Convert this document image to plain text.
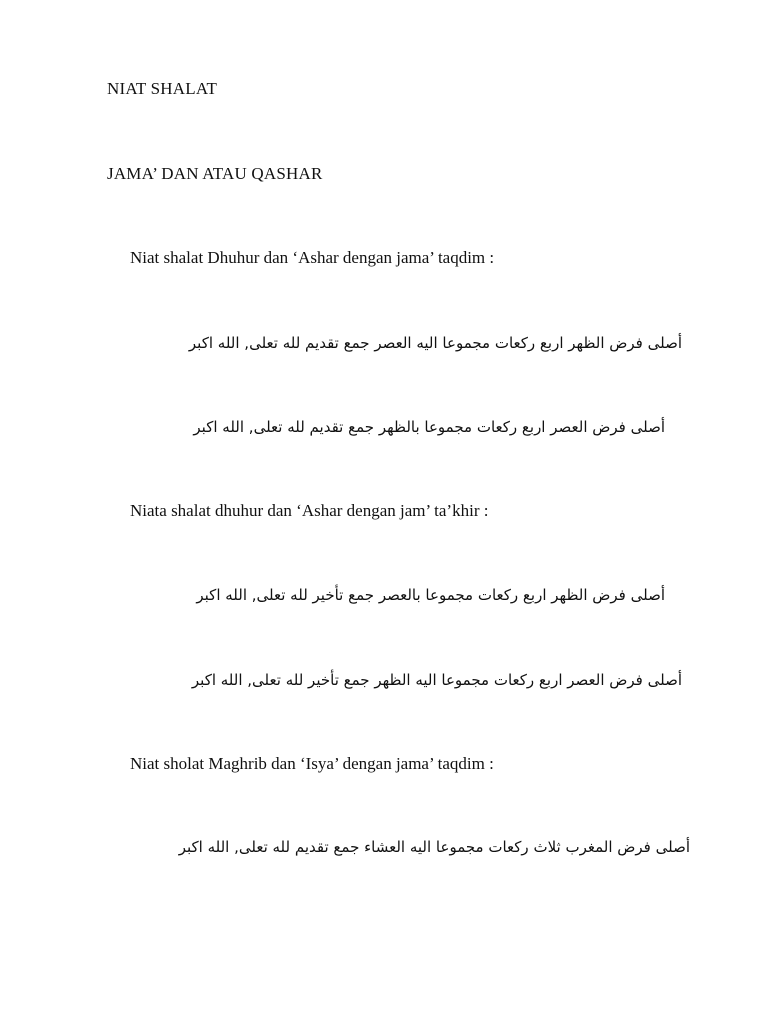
NIAT SHALAT
JAMA’ DAN ATAU QASHAR

Niat shalat Dhuhur dan ‘Ashar dengan jama’ taqdim :

أصلى فرض الظهر اربع ركعات مجموعا اليه العصر جمع تقديم لله تعلى, الله اكبر

أصلى فرض العصر اربع ركعات مجموعا بالظهر جمع تقديم لله تعلى, الله اكبر

Niata shalat dhuhur dan ‘Ashar dengan jam’ ta’khir :

أصلى فرض الظهر اربع ركعات مجموعا بالعصر جمع تأخير لله تعلى, الله اكبر

أصلى فرض العصر اربع ركعات مجموعا اليه الظهر جمع تأخير لله تعلى, الله اكبر

Niat sholat Maghrib dan ‘Isya’ dengan jama’ taqdim :

أصلى فرض المغرب ثلاث ركعات مجموعا اليه العشاء جمع تقديم لله تعلى, الله اكبر
